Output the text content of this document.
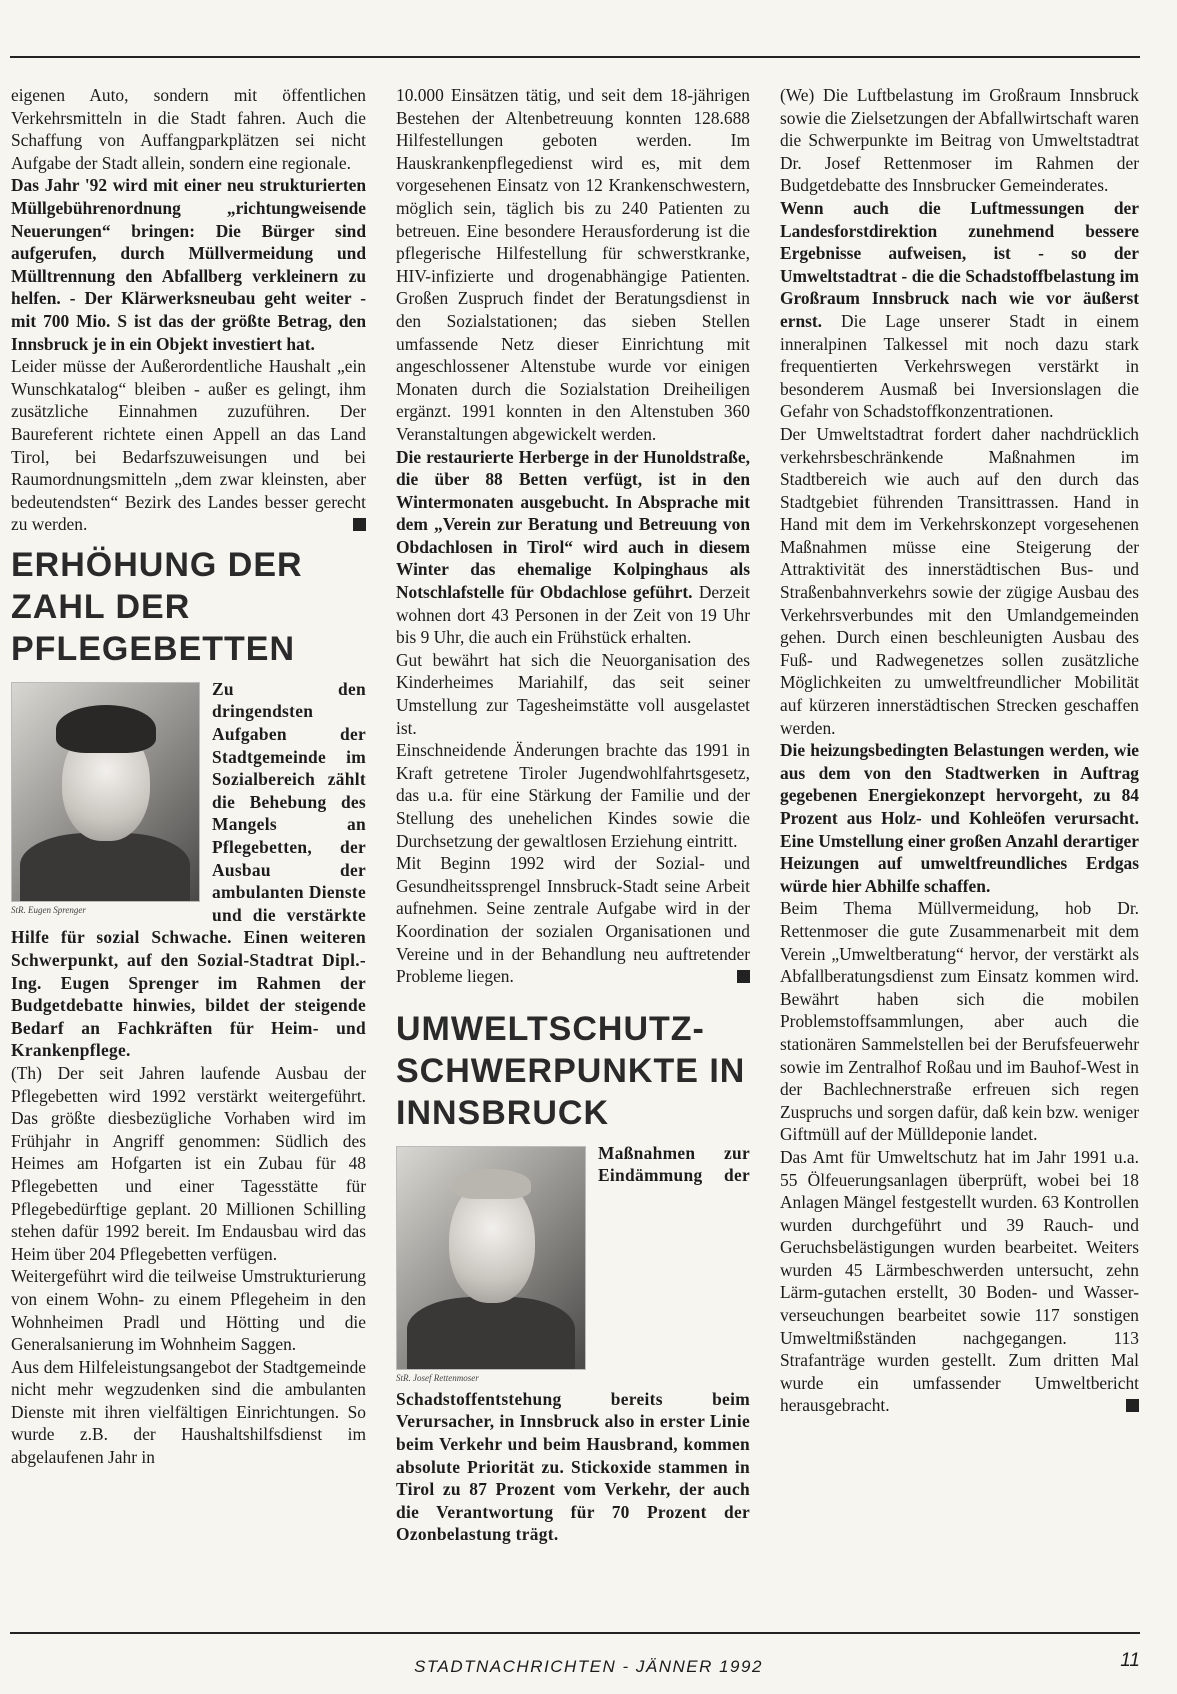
eigenen Auto, sondern mit öffentlichen Verkehrsmitteln in die Stadt fahren. Auch die Schaffung von Auffangparkplätzen sei nicht Aufgabe der Stadt allein, sondern eine regionale.

Das Jahr '92 wird mit einer neu strukturierten Müllgebührenordnung „richtungweisende Neuerungen“ bringen: Die Bürger sind aufgerufen, durch Müllvermeidung und Mülltrennung den Abfallberg verkleinern zu helfen. - Der Klärwerksneubau geht weiter - mit 700 Mio. S ist das der größte Betrag, den Innsbruck je in ein Objekt investiert hat.

Leider müsse der Außerordentliche Haushalt „ein Wunschkatalog“ bleiben - außer es gelingt, ihm zusätzliche Einnahmen zuzuführen. Der Baureferent richtete einen Appell an das Land Tirol, bei Bedarfszuweisungen und bei Raumordnungsmitteln „dem zwar kleinsten, aber bedeutendsten“ Bezirk des Landes besser gerecht zu werden.

ERHÖHUNG DER ZAHL DER PFLEGEBETTEN
StR. Eugen Sprenger

Zu den dringendsten Aufgaben der Stadtgemeinde im Sozialbereich zählt die Behebung des Mangels an Pflegebetten, der Ausbau der ambulanten Dienste und die verstärkte Hilfe für sozial Schwache. Einen weiteren Schwerpunkt, auf den Sozial-Stadtrat Dipl.-Ing. Eugen Sprenger im Rahmen der Budgetdebatte hinwies, bildet der steigende Bedarf an Fachkräften für Heim- und Krankenpflege.

(Th) Der seit Jahren laufende Ausbau der Pflegebetten wird 1992 verstärkt weitergeführt. Das größte diesbezügliche Vorhaben wird im Frühjahr in Angriff genommen: Südlich des Heimes am Hofgarten ist ein Zubau für 48 Pflegebetten und einer Tagesstätte für Pflegebedürftige geplant. 20 Millionen Schilling stehen dafür 1992 bereit. Im Endausbau wird das Heim über 204 Pflegebetten verfügen.

Weitergeführt wird die teilweise Umstrukturierung von einem Wohn- zu einem Pflegeheim in den Wohnheimen Pradl und Hötting und die Generalsanierung im Wohnheim Saggen.

Aus dem Hilfeleistungsangebot der Stadtgemeinde nicht mehr wegzudenken sind die ambulanten Dienste mit ihren vielfältigen Einrichtungen. So wurde z.B. der Haushaltshilfsdienst im abgelaufenen Jahr in

10.000 Einsätzen tätig, und seit dem 18-jährigen Bestehen der Altenbetreuung konnten 128.688 Hilfestellungen geboten werden. Im Hauskrankenpflegedienst wird es, mit dem vorgesehenen Einsatz von 12 Krankenschwestern, möglich sein, täglich bis zu 240 Patienten zu betreuen. Eine besondere Herausforderung ist die pflegerische Hilfestellung für schwerstkranke, HIV-infizierte und drogenabhängige Patienten. Großen Zuspruch findet der Beratungsdienst in den Sozialstationen; das sieben Stellen umfassende Netz dieser Einrichtung mit angeschlossener Altenstube wurde vor einigen Monaten durch die Sozialstation Dreiheiligen ergänzt. 1991 konnten in den Altenstuben 360 Veranstaltungen abgewickelt werden.

Die restaurierte Herberge in der Hunoldstraße, die über 88 Betten verfügt, ist in den Wintermonaten ausgebucht. In Absprache mit dem „Verein zur Beratung und Betreuung von Obdachlosen in Tirol“ wird auch in diesem Winter das ehemalige Kolpinghaus als Notschlafstelle für Obdachlose geführt. Derzeit wohnen dort 43 Personen in der Zeit von 19 Uhr bis 9 Uhr, die auch ein Frühstück erhalten.

Gut bewährt hat sich die Neuorganisation des Kinderheimes Mariahilf, das seit seiner Umstellung zur Tagesheimstätte voll ausgelastet ist.

Einschneidende Änderungen brachte das 1991 in Kraft getretene Tiroler Jugendwohlfahrtsgesetz, das u.a. für eine Stärkung der Familie und der Stellung des unehelichen Kindes sowie die Durchsetzung der gewaltlosen Erziehung eintritt.

Mit Beginn 1992 wird der Sozial- und Gesundheitssprengel Innsbruck-Stadt seine Arbeit aufnehmen. Seine zentrale Aufgabe wird in der Koordination der sozialen Organisationen und Vereine und in der Behandlung neu auftretender Probleme liegen.

UMWELTSCHUTZ-SCHWERPUNKTE IN INNSBRUCK
StR. Josef Rettenmoser

Maßnahmen zur Eindämmung der Schadstoffentstehung bereits beim Verursacher, in Innsbruck also in erster Linie beim Verkehr und beim Hausbrand, kommen absolute Priorität zu. Stickoxide stammen in Tirol zu 87 Prozent vom Verkehr, der auch die Verantwortung für 70 Prozent der Ozonbelastung trägt.

(We) Die Luftbelastung im Großraum Innsbruck sowie die Zielsetzungen der Abfallwirtschaft waren die Schwerpunkte im Beitrag von Umweltstadtrat Dr. Josef Rettenmoser im Rahmen der Budgetdebatte des Innsbrucker Gemeinderates.

Wenn auch die Luftmessungen der Landesforstdirektion zunehmend bessere Ergebnisse aufweisen, ist - so der Umweltstadtrat - die die Schadstoffbelastung im Großraum Innsbruck nach wie vor äußerst ernst. Die Lage unserer Stadt in einem inneralpinen Talkessel mit noch dazu stark frequentierten Verkehrswegen verstärkt in besonderem Ausmaß bei Inversionslagen die Gefahr von Schadstoffkonzentrationen.

Der Umweltstadtrat fordert daher nachdrücklich verkehrsbeschränkende Maßnahmen im Stadtbereich wie auch auf den durch das Stadtgebiet führenden Transittrassen. Hand in Hand mit dem im Verkehrskonzept vorgesehenen Maßnahmen müsse eine Steigerung der Attraktivität des innerstädtischen Bus- und Straßenbahnverkehrs sowie der zügige Ausbau des Verkehrsverbundes mit den Umlandgemeinden gehen. Durch einen beschleunigten Ausbau des Fuß- und Radwegenetzes sollen zusätzliche Möglichkeiten zu umweltfreundlicher Mobilität auf kürzeren innerstädtischen Strecken geschaffen werden.

Die heizungsbedingten Belastungen werden, wie aus dem von den Stadtwerken in Auftrag gegebenen Energiekonzept hervorgeht, zu 84 Prozent aus Holz- und Kohleöfen verursacht. Eine Umstellung einer großen Anzahl derartiger Heizungen auf umweltfreundliches Erdgas würde hier Abhilfe schaffen.

Beim Thema Müllvermeidung, hob Dr. Rettenmoser die gute Zusammenarbeit mit dem Verein „Umweltberatung“ hervor, der verstärkt als Abfallberatungsdienst zum Einsatz kommen wird. Bewährt haben sich die mobilen Problemstoffsammlungen, aber auch die stationären Sammelstellen bei der Berufsfeuerwehr sowie im Zentralhof Roßau und im Bauhof-West in der Bachlechnerstraße erfreuen sich regen Zuspruchs und sorgen dafür, daß kein bzw. weniger Giftmüll auf der Mülldeponie landet.

Das Amt für Umweltschutz hat im Jahr 1991 u.a. 55 Ölfeuerungsanlagen überprüft, wobei bei 18 Anlagen Mängel festgestellt wurden. 63 Kontrollen wurden durchgeführt und 39 Rauch- und Geruchsbelästigungen wurden bearbeitet. Weiters wurden 45 Lärmbeschwerden untersucht, zehn Lärm-gutachen erstellt, 30 Boden- und Wasser-verseuchungen bearbeitet sowie 117 sonstigen Umweltmißständen nachgegangen. 113 Strafanträge wurden gestellt. Zum dritten Mal wurde ein umfassender Umweltbericht herausgebracht.

STADTNACHRICHTEN - JÄNNER 1992	11
